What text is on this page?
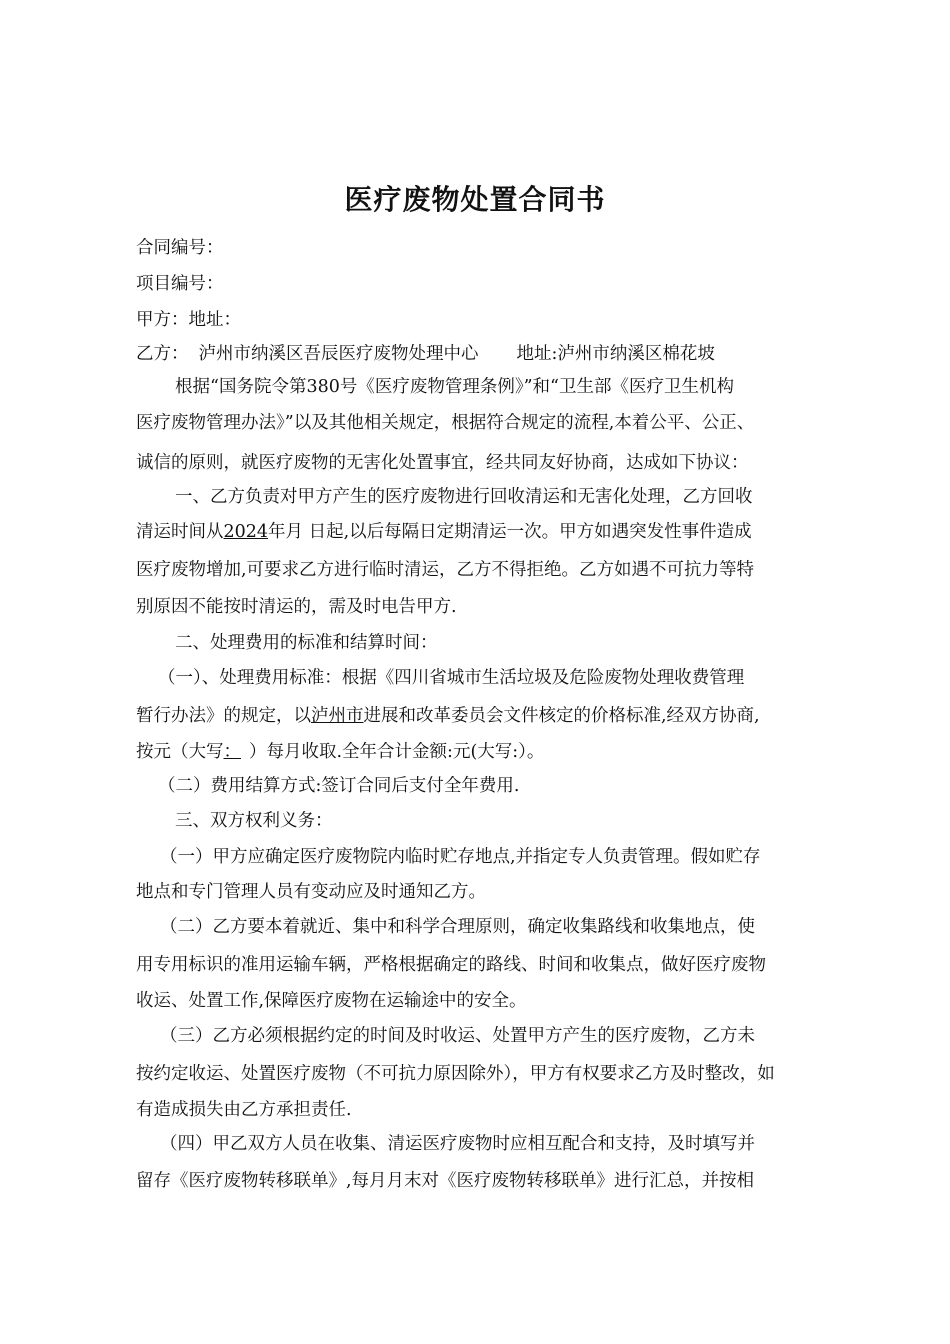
医疗废物处置合同书
合同编号：
项目编号：
甲方：地址：
乙方： 泸州市纳溪区吾辰医疗废物处理中心 地址:泸州市纳溪区棉花坡
根据“国务院令第380号《医疗废物管理条例》”和“卫生部《医疗卫生机构
医疗废物管理办法》”以及其他相关规定，根据符合规定的流程,本着公平、公正、
诚信的原则，就医疗废物的无害化处置事宜，经共同友好协商，达成如下协议：
一、乙方负责对甲方产生的医疗废物进行回收清运和无害化处理，乙方回收
清运时间从2024年月 日起,以后每隔日定期清运一次。甲方如遇突发性事件造成
医疗废物增加,可要求乙方进行临时清运，乙方不得拒绝。乙方如遇不可抗力等特
别原因不能按时清运的，需及时电告甲方.
二、处理费用的标准和结算时间：
（一）、处理费用标准：根据《四川省城市生活垃圾及危险废物处理收费管理
暂行办法》的规定，以泸州市进展和改革委员会文件核定的价格标准,经双方协商,
按元（大写： ）每月收取.全年合计金额:元(大写:）。
（二）费用结算方式:签订合同后支付全年费用.
三、双方权利义务：
（一）甲方应确定医疗废物院内临时贮存地点,并指定专人负责管理。假如贮存
地点和专门管理人员有变动应及时通知乙方。
（二）乙方要本着就近、集中和科学合理原则，确定收集路线和收集地点，使
用专用标识的准用运输车辆，严格根据确定的路线、时间和收集点，做好医疗废物
收运、处置工作,保障医疗废物在运输途中的安全。
（三）乙方必须根据约定的时间及时收运、处置甲方产生的医疗废物，乙方未
按约定收运、处置医疗废物（不可抗力原因除外），甲方有权要求乙方及时整改，如
有造成损失由乙方承担责任.
（四）甲乙双方人员在收集、清运医疗废物时应相互配合和支持，及时填写并
留存《医疗废物转移联单》,每月月末对《医疗废物转移联单》进行汇总，并按相
